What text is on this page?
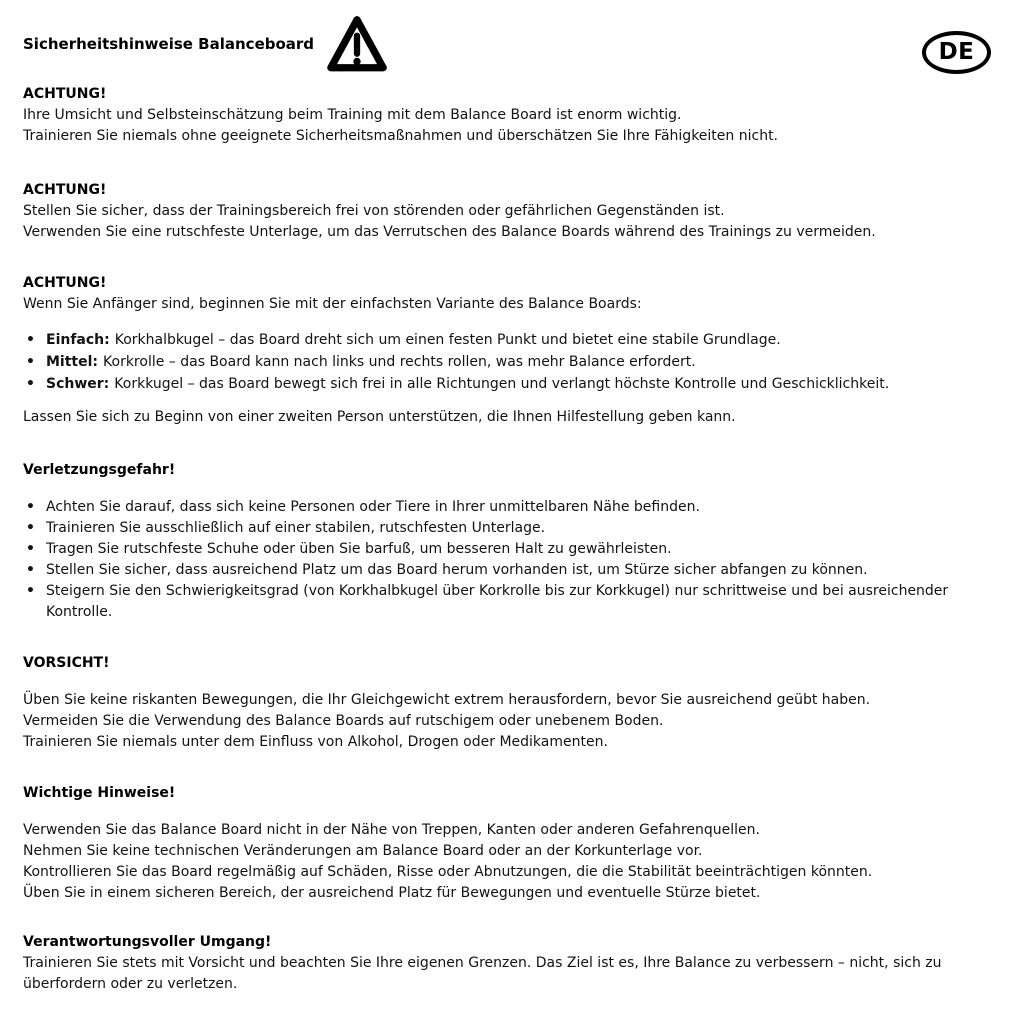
Sicherheitshinweise Balanceboard	DE
ACHTUNG!
Ihre Umsicht und Selbsteinschätzung beim Training mit dem Balance Board ist enorm wichtig.
Trainieren Sie niemals ohne geeignete Sicherheitsmaßnahmen und überschätzen Sie Ihre Fähigkeiten nicht.
ACHTUNG!
Stellen Sie sicher, dass der Trainingsbereich frei von störenden oder gefährlichen Gegenständen ist.
Verwenden Sie eine rutschfeste Unterlage, um das Verrutschen des Balance Boards während des Trainings zu vermeiden.
ACHTUNG!
Wenn Sie Anfänger sind, beginnen Sie mit der einfachsten Variante des Balance Boards:
•
Einfach: Korkhalbkugel – das Board dreht sich um einen festen Punkt und bietet eine stabile Grundlage.
•
Mittel: Korkrolle – das Board kann nach links und rechts rollen, was mehr Balance erfordert.
•
Schwer: Korkkugel – das Board bewegt sich frei in alle Richtungen und verlangt höchste Kontrolle und Geschicklichkeit.
Lassen Sie sich zu Beginn von einer zweiten Person unterstützen, die Ihnen Hilfestellung geben kann.
Verletzungsgefahr!
•
Achten Sie darauf, dass sich keine Personen oder Tiere in Ihrer unmittelbaren Nähe befinden.
•
Trainieren Sie ausschließlich auf einer stabilen, rutschfesten Unterlage.
•
Tragen Sie rutschfeste Schuhe oder üben Sie barfuß, um besseren Halt zu gewährleisten.
•
Stellen Sie sicher, dass ausreichend Platz um das Board herum vorhanden ist, um Stürze sicher abfangen zu können.
•
Steigern Sie den Schwierigkeitsgrad (von Korkhalbkugel über Korkrolle bis zur Korkkugel) nur schrittweise und bei ausreichender Kontrolle.
VORSICHT!
Üben Sie keine riskanten Bewegungen, die Ihr Gleichgewicht extrem herausfordern, bevor Sie ausreichend geübt haben.
Vermeiden Sie die Verwendung des Balance Boards auf rutschigem oder unebenem Boden.
Trainieren Sie niemals unter dem Einfluss von Alkohol, Drogen oder Medikamenten.
Wichtige Hinweise!
Verwenden Sie das Balance Board nicht in der Nähe von Treppen, Kanten oder anderen Gefahrenquellen.
Nehmen Sie keine technischen Veränderungen am Balance Board oder an der Korkunterlage vor.
Kontrollieren Sie das Board regelmäßig auf Schäden, Risse oder Abnutzungen, die die Stabilität beeinträchtigen könnten.
Üben Sie in einem sicheren Bereich, der ausreichend Platz für Bewegungen und eventuelle Stürze bietet.
Verantwortungsvoller Umgang!
Trainieren Sie stets mit Vorsicht und beachten Sie Ihre eigenen Grenzen. Das Ziel ist es, Ihre Balance zu verbessern – nicht, sich zu überfordern oder zu verletzen.
